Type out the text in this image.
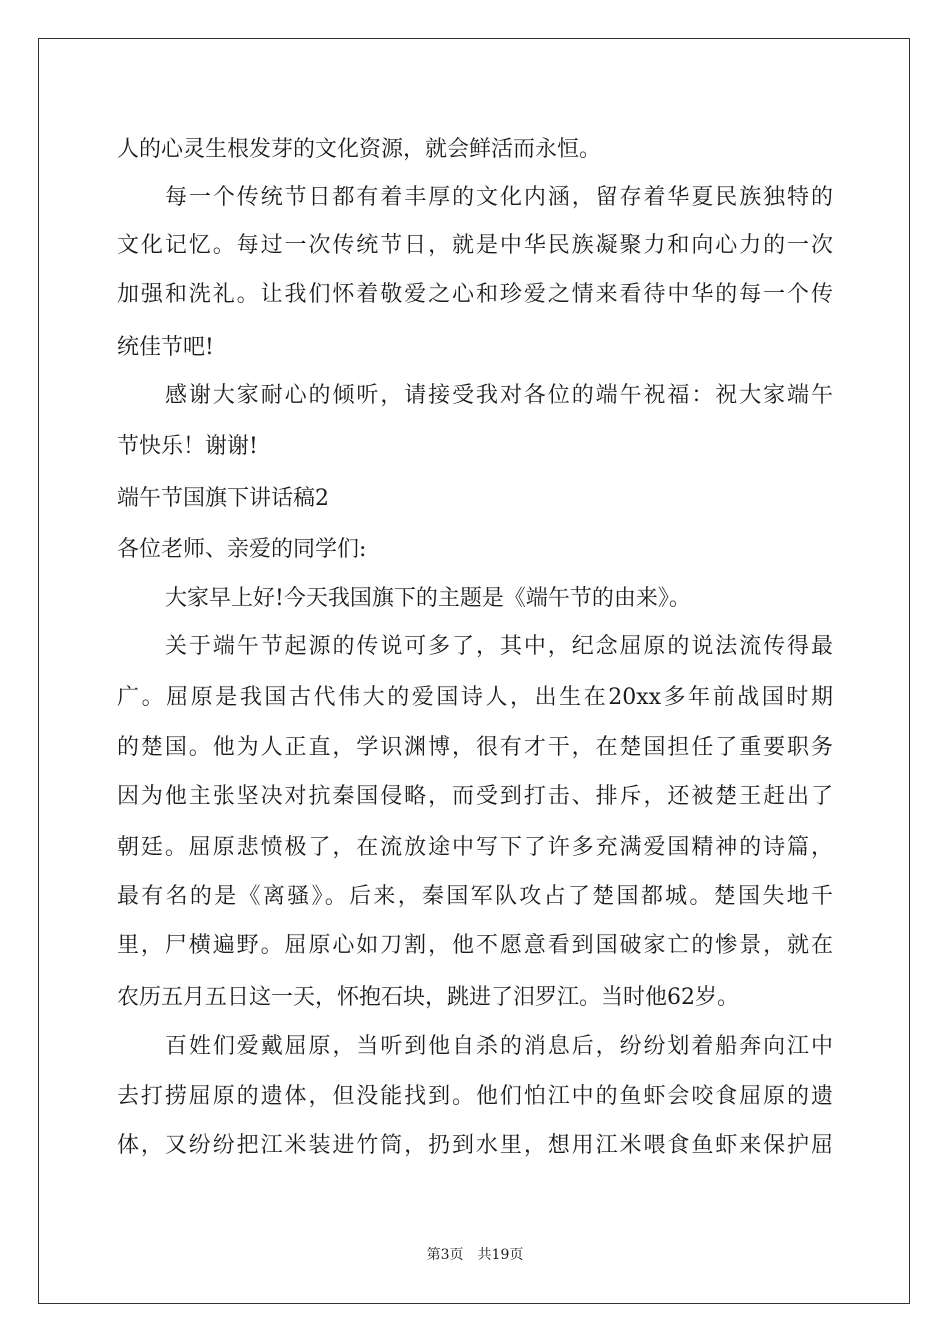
人的心灵生根发芽的文化资源，就会鲜活而永恒。
每一个传统节日都有着丰厚的文化内涵，留存着华夏民族独特的
文化记忆。每过一次传统节日，就是中华民族凝聚力和向心力的一次
加强和洗礼。让我们怀着敬爱之心和珍爱之情来看待中华的每一个传
统佳节吧!
感谢大家耐心的倾听，请接受我对各位的端午祝福：祝大家端午
节快乐！谢谢!
端午节国旗下讲话稿2
各位老师、亲爱的同学们:
大家早上好!今天我国旗下的主题是《端午节的由来》。
关于端午节起源的传说可多了，其中，纪念屈原的说法流传得最
广。屈原是我国古代伟大的爱国诗人，出生在20xx多年前战国时期
的楚国。他为人正直，学识渊博，很有才干，在楚国担任了重要职务
因为他主张坚决对抗秦国侵略，而受到打击、排斥，还被楚王赶出了
朝廷。屈原悲愤极了，在流放途中写下了许多充满爱国精神的诗篇，
最有名的是《离骚》。后来，秦国军队攻占了楚国都城。楚国失地千
里，尸横遍野。屈原心如刀割，他不愿意看到国破家亡的惨景，就在
农历五月五日这一天，怀抱石块，跳进了汨罗江。当时他62岁。
百姓们爱戴屈原，当听到他自杀的消息后，纷纷划着船奔向江中
去打捞屈原的遗体，但没能找到。他们怕江中的鱼虾会咬食屈原的遗
体，又纷纷把江米装进竹筒，扔到水里，想用江米喂食鱼虾来保护屈
第3页 共19页
